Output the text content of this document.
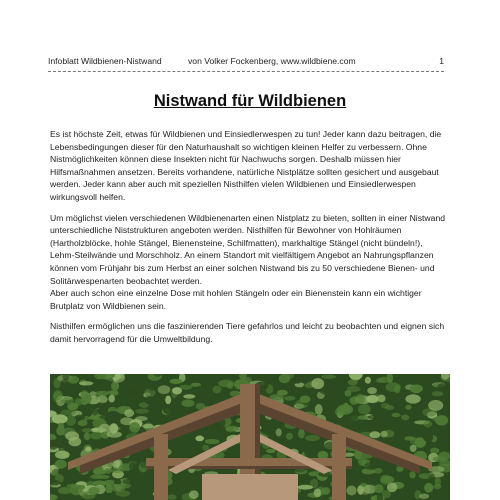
Infoblatt Wildbienen-Nistwand	von Volker Fockenberg, www.wildbiene.com	1
Nistwand für Wildbienen

Es ist höchste Zeit, etwas für Wildbienen und Einsiedlerwespen zu tun! Jeder kann dazu beitragen, die Lebensbedingungen dieser für den Naturhaushalt so wichtigen kleinen Helfer zu verbessern. Ohne Nistmöglichkeiten können diese Insekten nicht für Nachwuchs sorgen. Deshalb müssen hier Hilfsmaßnahmen ansetzen. Bereits vorhandene, natürliche Nistplätze sollten gesichert und ausgebaut werden. Jeder kann aber auch mit speziellen Nisthilfen vielen Wildbienen und Einsiedlerwespen wirkungsvoll helfen.

Um möglichst vielen verschiedenen Wildbienenarten einen Nistplatz zu bieten, sollten in einer Nistwand unterschiedliche Niststrukturen angeboten werden. Nisthilfen für Bewohner von Hohlräumen (Hartholzblöcke, hohle Stängel, Bienensteine, Schilfmatten), markhaltige Stängel (nicht bündeln!), Lehm-Steilwände und Morschholz. An einem Standort mit vielfältigem Angebot an Nahrungspflanzen können vom Frühjahr bis zum Herbst an einer solchen Nistwand bis zu 50 verschiedene Bienen- und Solitärwespenarten beobachtet werden.

Aber auch schon eine einzelne Dose mit hohlen Stängeln oder ein Bienenstein kann ein wichtiger Brutplatz von Wildbienen sein.

Nisthilfen ermöglichen uns die faszinierenden Tiere gefahrlos und leicht zu beobachten und eignen sich damit hervorragend für die Umweltbildung.
